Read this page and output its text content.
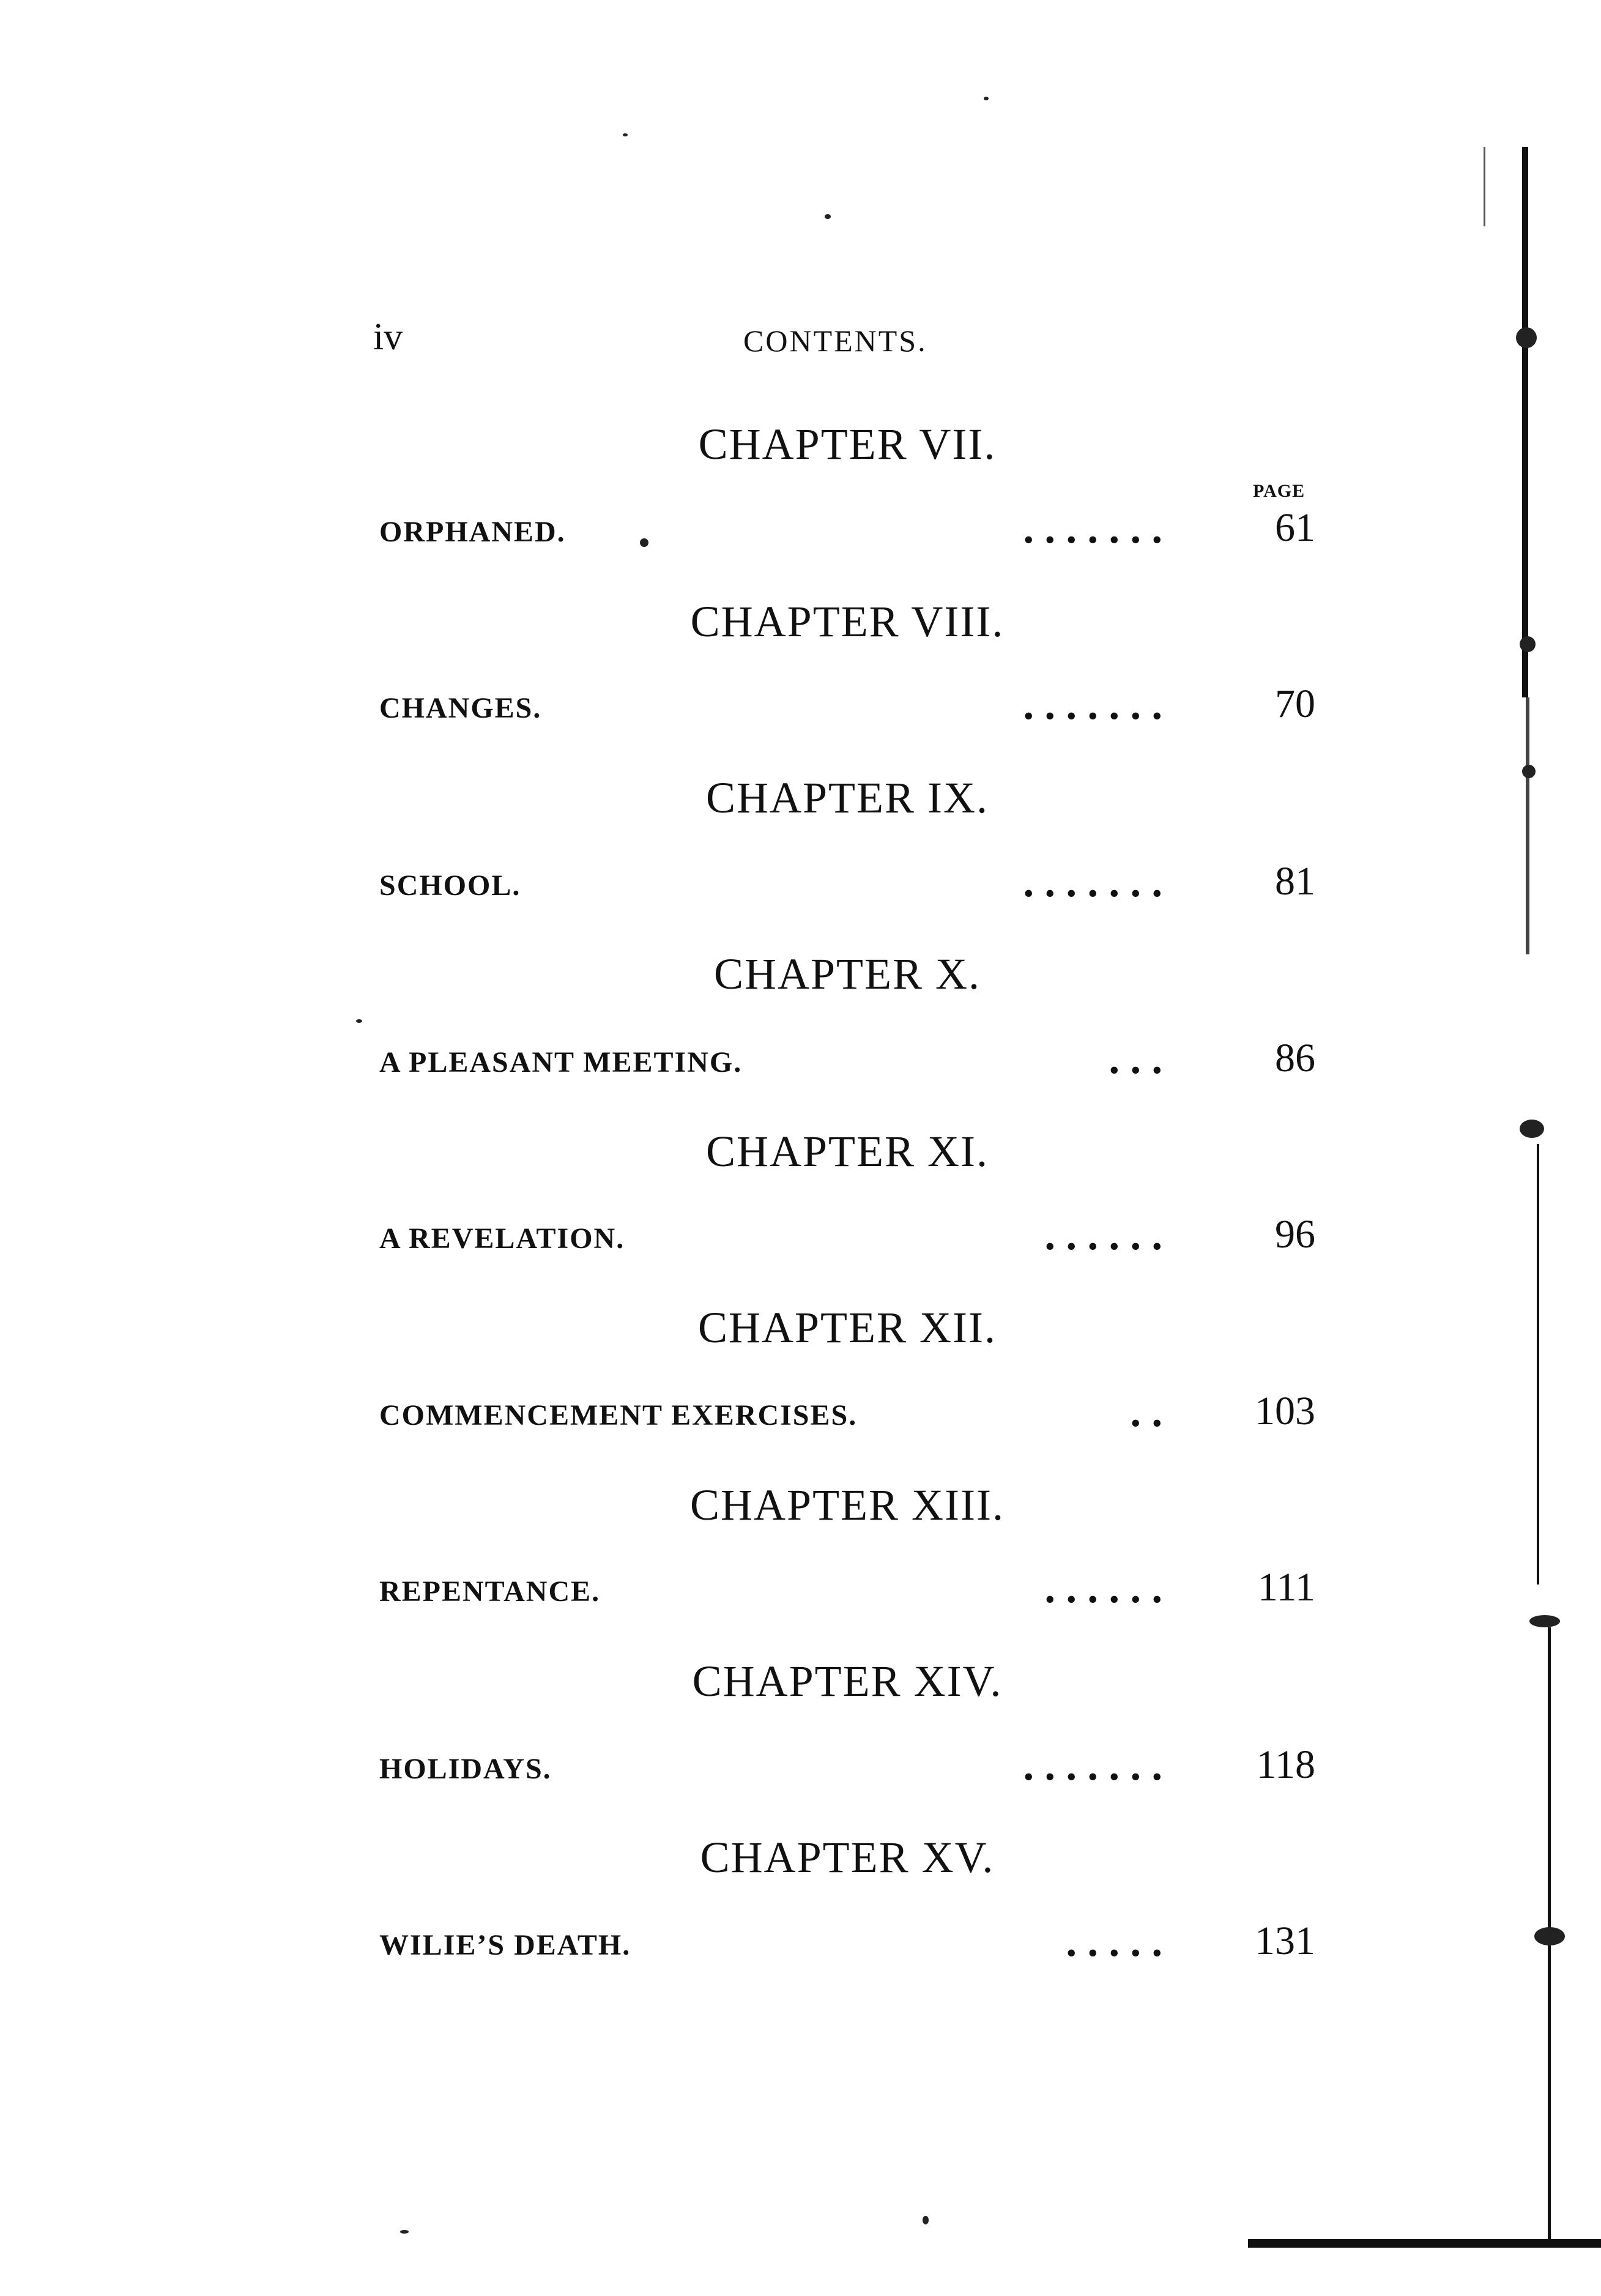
iv	CONTENTS.
PAGE
CHAPTER VII.
ORPHANED.	. . . . . . .	61
CHAPTER VIII.
CHANGES.	. . . . . . .	70
CHAPTER IX.
SCHOOL.	. . . . . . .	81
CHAPTER X.
A PLEASANT MEETING.	. . .	86
CHAPTER XI.
A REVELATION.	. . . . . .	96
CHAPTER XII.
COMMENCEMENT EXERCISES.	. . 103
CHAPTER XIII.
REPENTANCE.	. . . . . . 111
CHAPTER XIV.
HOLIDAYS.	. . . . . . . 118
CHAPTER XV.
WILIE’S DEATH.	. . . . . 131
